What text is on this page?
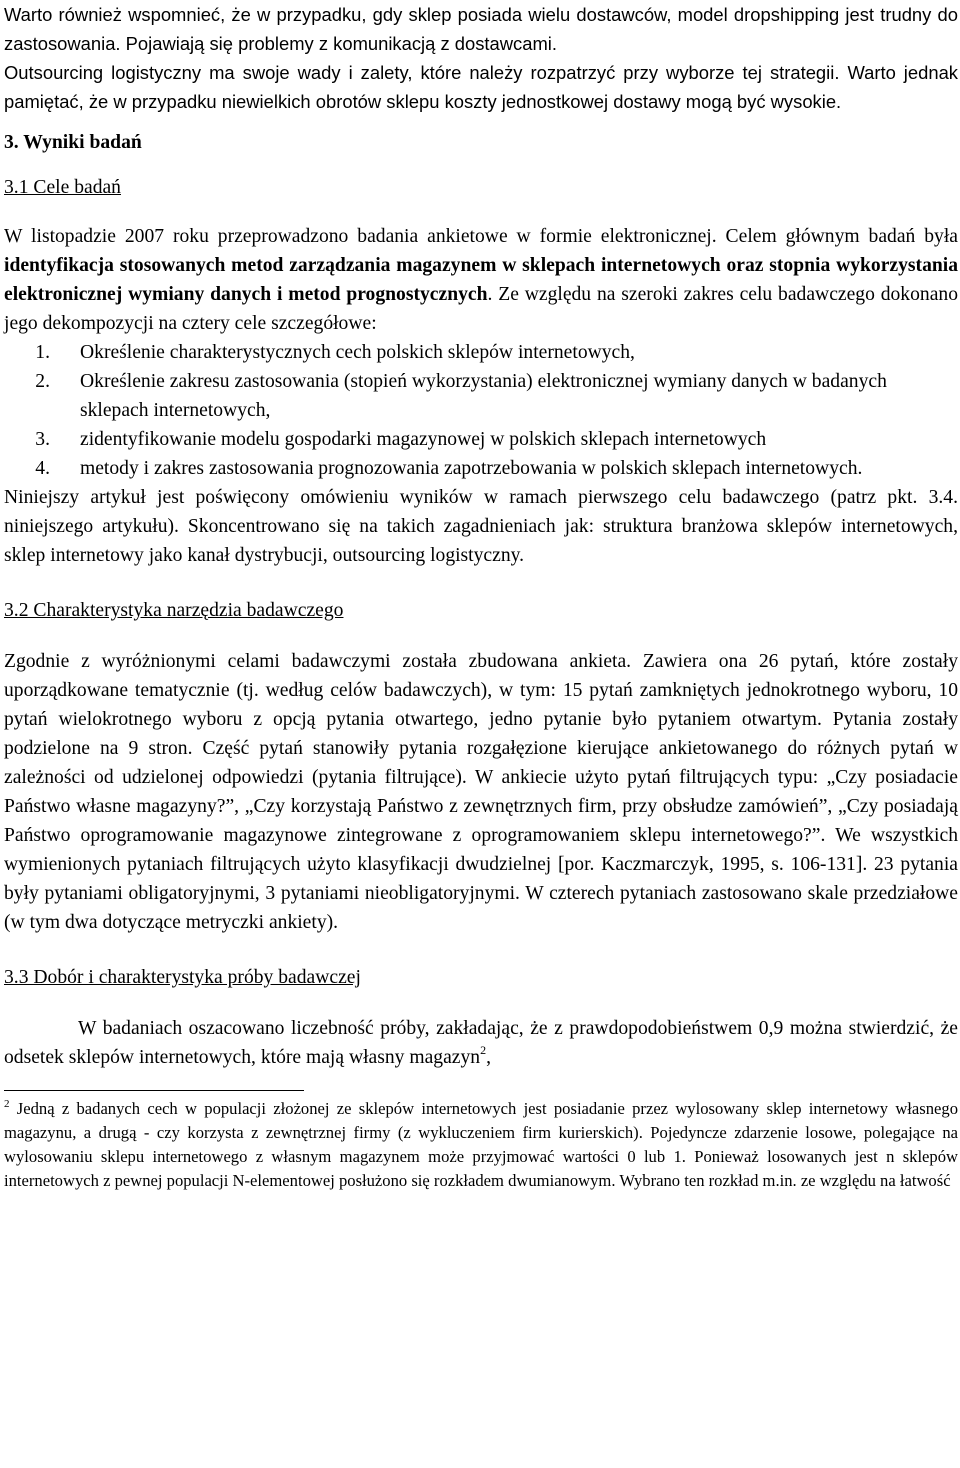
Warto również wspomnieć, że w przypadku, gdy sklep posiada wielu dostawców, model dropshipping jest trudny do zastosowania. Pojawiają się problemy z komunikacją z dostawcami.

Outsourcing logistyczny ma swoje wady i zalety, które należy rozpatrzyć przy wyborze tej strategii. Warto jednak pamiętać, że w przypadku niewielkich obrotów sklepu koszty jednostkowej dostawy mogą być wysokie.

3. Wyniki badań
3.1 Cele badań

W listopadzie 2007 roku przeprowadzono badania ankietowe w formie elektronicznej. Celem głównym badań była identyfikacja stosowanych metod zarządzania magazynem w sklepach internetowych oraz stopnia wykorzystania elektronicznej wymiany danych i metod prognostycznych. Ze względu na szeroki zakres celu badawczego dokonano jego dekompozycji na cztery cele szczegółowe:

1. Określenie charakterystycznych cech polskich sklepów internetowych,
2. Określenie zakresu zastosowania (stopień wykorzystania) elektronicznej wymiany danych w badanych sklepach internetowych,
3. zidentyfikowanie modelu gospodarki magazynowej w polskich sklepach internetowych
4. metody i zakres zastosowania prognozowania zapotrzebowania w polskich sklepach internetowych.

Niniejszy artykuł jest poświęcony omówieniu wyników w ramach pierwszego celu badawczego (patrz pkt. 3.4. niniejszego artykułu). Skoncentrowano się na takich zagadnieniach jak: struktura branżowa sklepów internetowych, sklep internetowy jako kanał dystrybucji, outsourcing logistyczny.

3.2 Charakterystyka narzędzia badawczego

Zgodnie z wyróżnionymi celami badawczymi została zbudowana ankieta. Zawiera ona 26 pytań, które zostały uporządkowane tematycznie (tj. według celów badawczych), w tym: 15 pytań zamkniętych jednokrotnego wyboru, 10 pytań wielokrotnego wyboru z opcją pytania otwartego, jedno pytanie było pytaniem otwartym. Pytania zostały podzielone na 9 stron. Część pytań stanowiły pytania rozgałęzione kierujące ankietowanego do różnych pytań w zależności od udzielonej odpowiedzi (pytania filtrujące). W ankiecie użyto pytań filtrujących typu: „Czy posiadacie Państwo własne magazyny?”, „Czy korzystają Państwo z zewnętrznych firm, przy obsłudze zamówień”, „Czy posiadają Państwo oprogramowanie magazynowe zintegrowane z oprogramowaniem sklepu internetowego?”. We wszystkich wymienionych pytaniach filtrujących użyto klasyfikacji dwudzielnej [por. Kaczmarczyk, 1995, s. 106-131]. 23 pytania były pytaniami obligatoryjnymi, 3 pytaniami nieobligatoryjnymi. W czterech pytaniach zastosowano skale przedziałowe (w tym dwa dotyczące metryczki ankiety).

3.3 Dobór i charakterystyka próby badawczej

W badaniach oszacowano liczebność próby, zakładając, że z prawdopodobieństwem 0,9 można stwierdzić, że odsetek sklepów internetowych, które mają własny magazyn$^2$,

$^2$ Jedną z badanych cech w populacji złożonej ze sklepów internetowych jest posiadanie przez wylosowany sklep internetowy własnego magazynu, a drugą - czy korzysta z zewnętrznej firmy (z wykluczeniem firm kurierskich). Pojedyncze zdarzenie losowe, polegające na wylosowaniu sklepu internetowego z własnym magazynem może przyjmować wartości 0 lub 1. Ponieważ losowanych jest n sklepów internetowych z pewnej populacji N-elementowej posłużono się rozkładem dwumianowym. Wybrano ten rozkład m.in. ze względu na łatwość
